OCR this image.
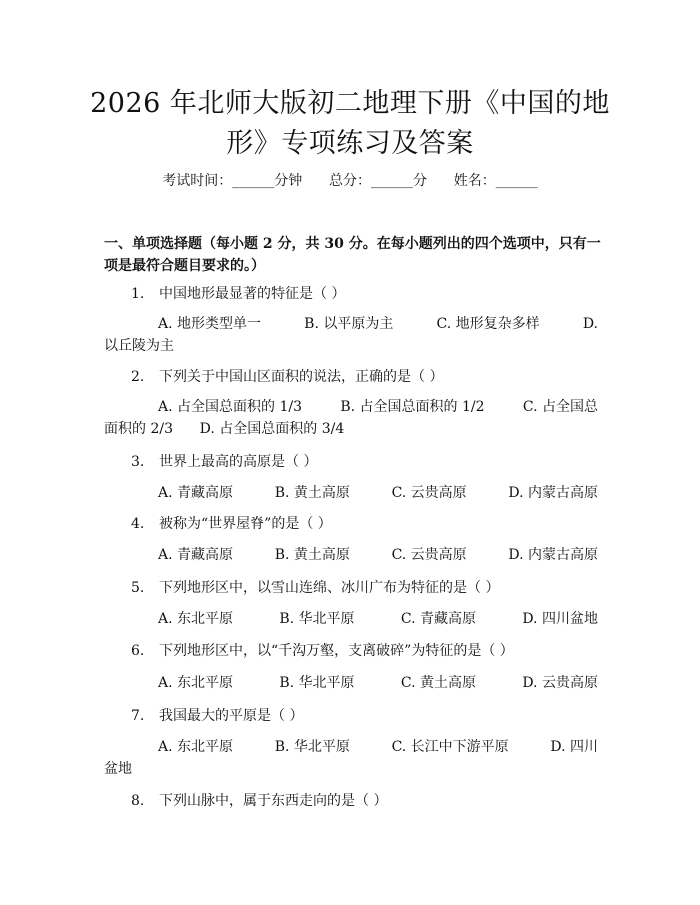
2026 年北师大版初二地理下册《中国的地
形》专项练习及答案
考试时间：______分钟      总分：______分      姓名：______
一、单项选择题（每小题 2 分，共 30 分。在每小题列出的四个选项中，只有一项是最符合题目要求的。）
1. 中国地形最显著的特征是（ ）
A. 地形类型单一	B. 以平原为主	C. 地形复杂多样	D.
以丘陵为主
2. 下列关于中国山区面积的说法，正确的是（ ）
A. 占全国总面积的 1/3	B. 占全国总面积的 1/2	C. 占全国总
面积的 2/3      D. 占全国总面积的 3/4
3. 世界上最高的高原是（ ）
A. 青藏高原	B. 黄土高原	C. 云贵高原	D. 内蒙古高原
4. 被称为“世界屋脊”的是（ ）
A. 青藏高原	B. 黄土高原	C. 云贵高原	D. 内蒙古高原
5. 下列地形区中，以雪山连绵、冰川广布为特征的是（ ）
A. 东北平原	B. 华北平原	C. 青藏高原	D. 四川盆地
6. 下列地形区中，以“千沟万壑，支离破碎”为特征的是（ ）
A. 东北平原	B. 华北平原	C. 黄土高原	D. 云贵高原
7. 我国最大的平原是（ ）
A. 东北平原	B. 华北平原	C. 长江中下游平原	D. 四川
盆地
8. 下列山脉中，属于东西走向的是（ ）
